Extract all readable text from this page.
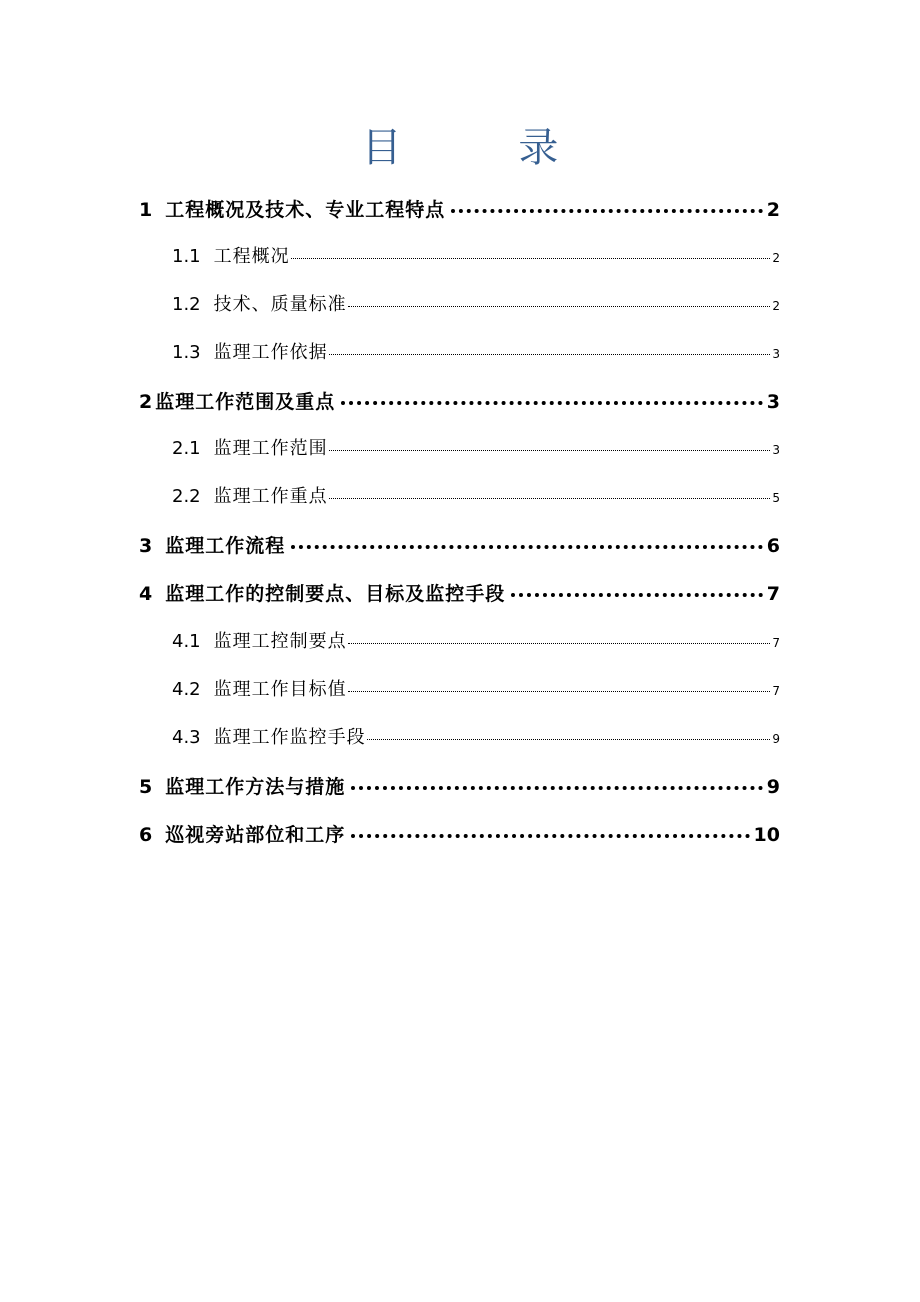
目 录
1 工程概况及技术、专业工程特点	2
1.1 工程概况	2
1.2 技术、质量标准	2
1.3 监理工作依据	3
2 监理工作范围及重点	3
2.1 监理工作范围	3
2.2 监理工作重点	5
3 监理工作流程	6
4 监理工作的控制要点、目标及监控手段	7
4.1 监理工控制要点	7
4.2 监理工作目标值	7
4.3 监理工作监控手段	9
5 监理工作方法与措施	9
6 巡视旁站部位和工序	10
